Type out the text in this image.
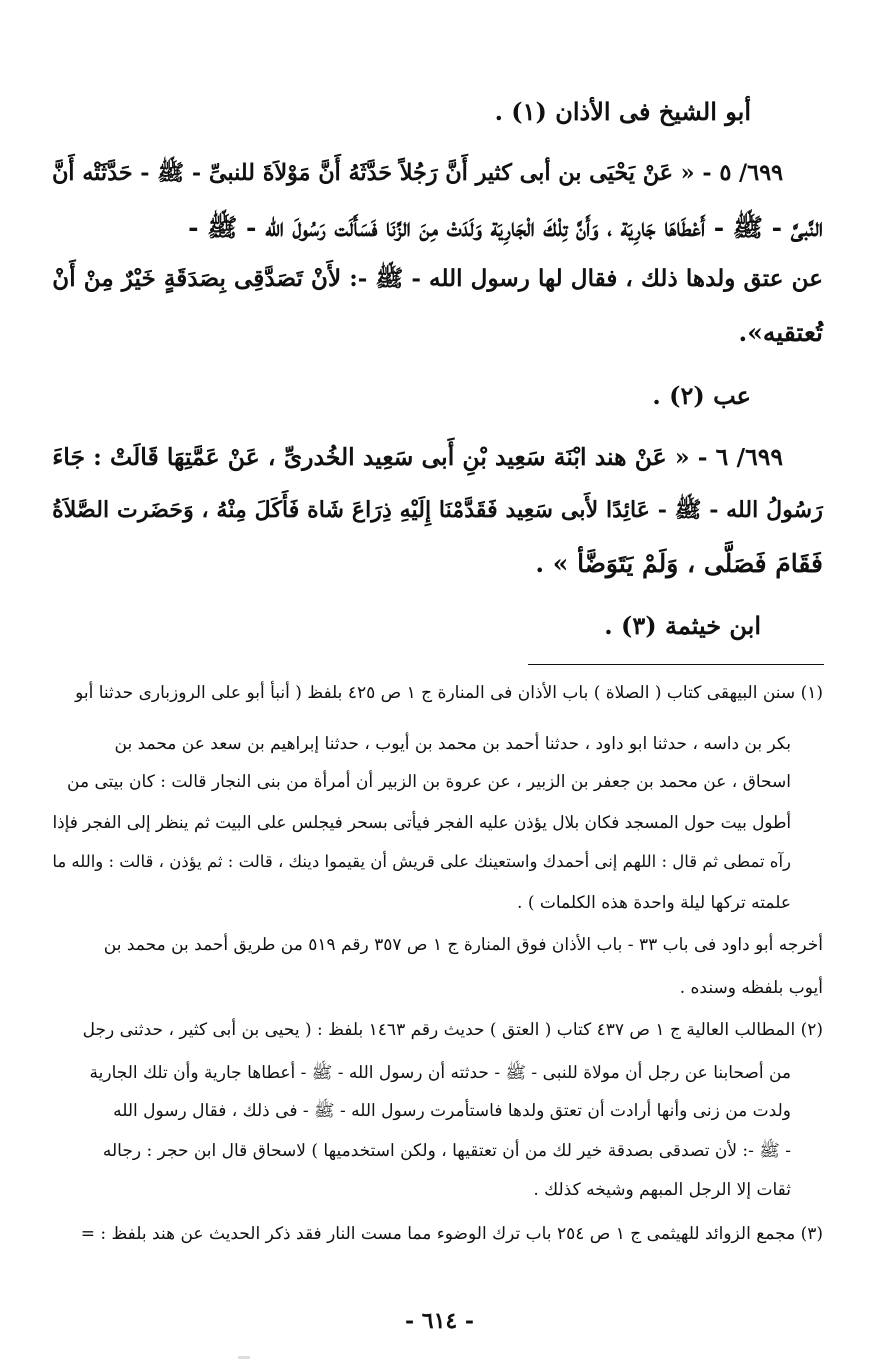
أبو الشيخ فى الأذان (١) .
٦٩٩/ ٥ - « عَنْ يَحْيَى بن أبى كثير أَنَّ رَجُلاً حَدَّثَهُ أَنَّ مَوْلاَةَ للنبىِّ - ﷺ - حَدَّثَتْه أَنَّ
النَّبىَّ - ﷺ - أَعْطَاهَا جَارِيَة ، وَأَنَّ تِلْكَ الْجَارِيَة وَلَدَتْ مِنَ الزِّنَا فَسَأَلَت رَسُولَ الله - ﷺ -
عن عتق ولدها ذلك ، فقال لها رسول الله - ﷺ -: لأَنْ تَصَدَّقِى بِصَدَقَةٍ خَيْرٌ مِنْ أَنْ
تُعتقيه».
عب (٢) .
٦٩٩/ ٦ - « عَنْ هند ابْنَة سَعِيد بْنِ أَبى سَعِيد الخُدرىِّ ، عَنْ عَمَّتِهَا قَالَتْ : جَاءَ
رَسُولُ الله - ﷺ - عَائِدًا لأَبى سَعِيد فَقَدَّمْنَا إِلَيْهِ ذِرَاعَ شَاة فَأَكَلَ مِنْهُ ، وَحَضَرت الصَّلاَةُ
فَقَامَ فَصَلَّى ، وَلَمْ يَتَوَضَّأ » .
ابن خيثمة (٣) .
(١) سنن البيهقى كتاب ( الصلاة ) باب الأذان فى المنارة ج ١ ص ٤٢٥ بلفظ ( أنبأ أبو على الروزبارى حدثنا أبو
بكر بن داسه ، حدثنا ابو داود ، حدثنا أحمد بن محمد بن أيوب ، حدثنا إبراهيم بن سعد عن محمد بن
اسحاق ، عن محمد بن جعفر بن الزبير ، عن عروة بن الزبير أن أمرأة من بنى النجار قالت : كان بيتى من
أطول بيت حول المسجد فكان بلال يؤذن عليه الفجر فيأتى بسحر فيجلس على البيت ثم ينظر إلى الفجر فإذا
رآه تمطى ثم قال : اللهم إنى أحمدك واستعينك على قريش أن يقيموا دينك ، قالت : ثم يؤذن ، قالت : والله ما
علمته تركها ليلة واحدة هذه الكلمات ) .
أخرجه أبو داود فى باب ٣٣ - باب الأذان فوق المنارة ج ١ ص ٣٥٧ رقم ٥١٩ من طريق أحمد بن محمد بن
أيوب بلفظه وسنده .
(٢) المطالب العالية ج ١ ص ٤٣٧ كتاب ( العتق ) حديث رقم ١٤٦٣ بلفظ : ( يحيى بن أبى كثير ، حدثنى رجل
من أصحابنا عن رجل أن مولاة للنبى - ﷺ - حدثته أن رسول الله - ﷺ - أعطاها جارية وأن تلك الجارية
ولدت من زنى وأنها أرادت أن تعتق ولدها فاستأمرت رسول الله - ﷺ - فى ذلك ، فقال رسول الله
- ﷺ -: لأن تصدقى بصدقة خير لك من أن تعتقيها ، ولكن استخدميها ) لاسحاق قال ابن حجر : رجاله
ثقات إلا الرجل المبهم وشيخه كذلك .
(٣) مجمع الزوائد للهيثمى ج ١ ص ٢٥٤ باب ترك الوضوء مما مست النار فقد ذكر الحديث عن هند بلفظ : =
- ٦١٤ -
